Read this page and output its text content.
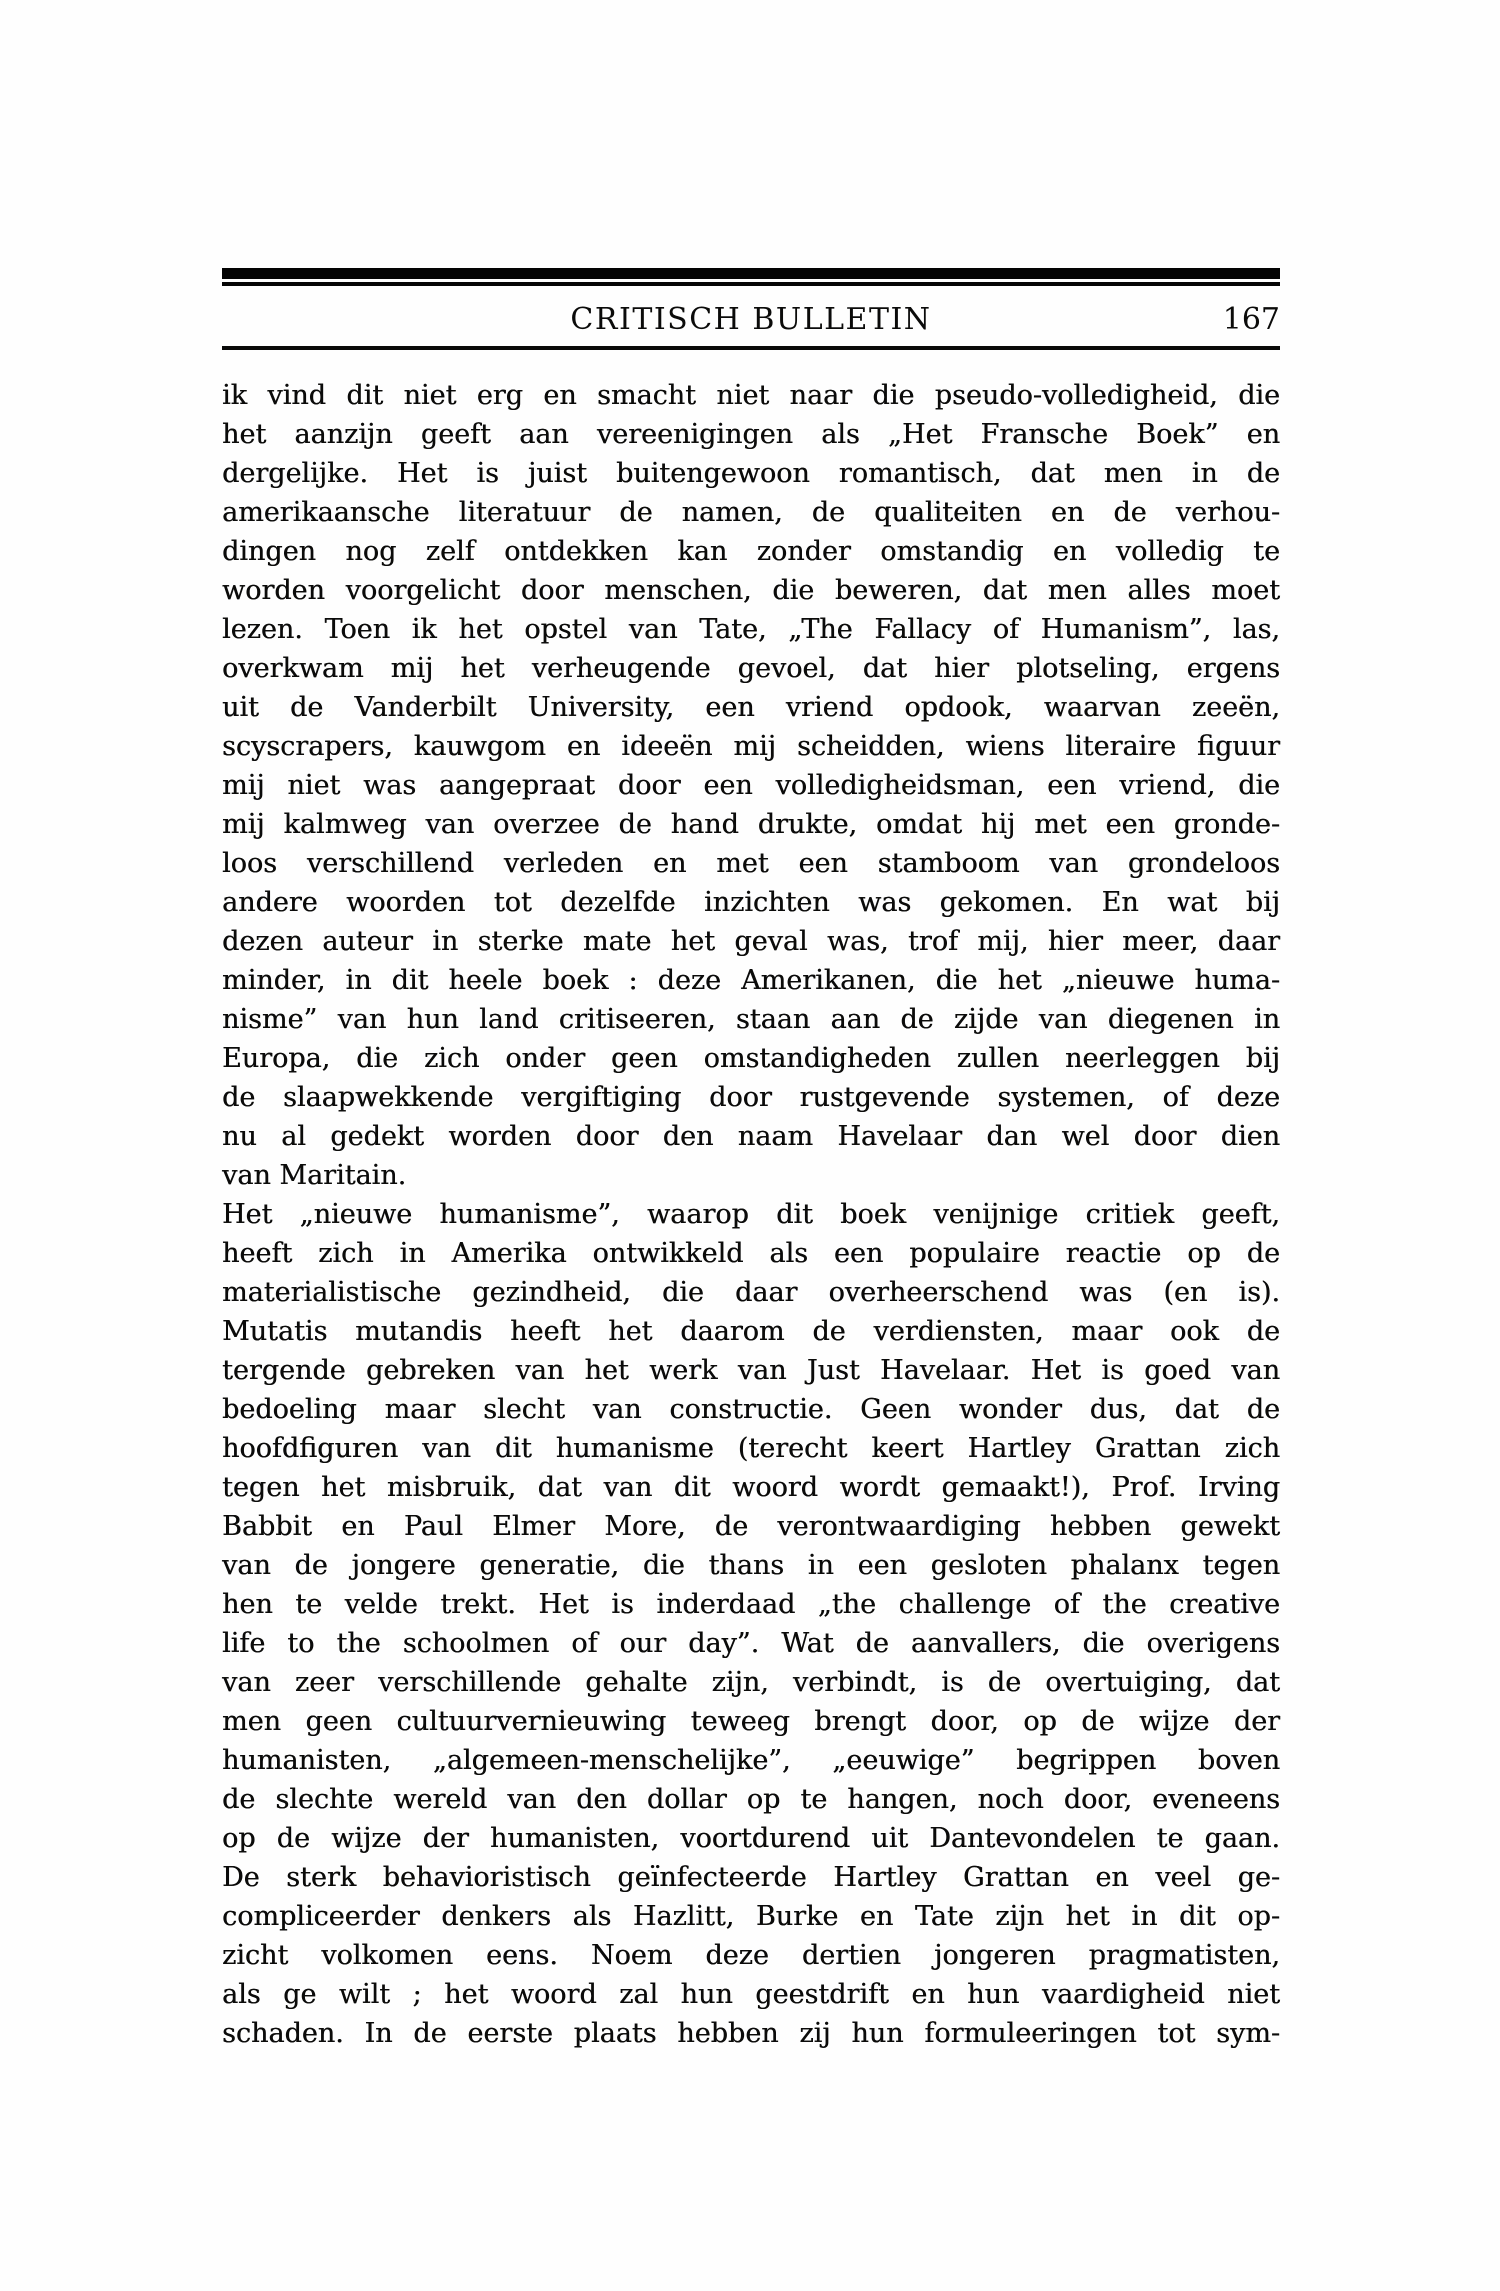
CRITISCH BULLETIN	167
ik vind dit niet erg en smacht niet naar die pseudo-volledigheid, die
het aanzijn geeft aan vereenigingen als „Het Fransche Boek” en
dergelijke. Het is juist buitengewoon romantisch, dat men in de
amerikaansche literatuur de namen, de qualiteiten en de verhou-
dingen nog zelf ontdekken kan zonder omstandig en volledig te
worden voorgelicht door menschen, die beweren, dat men alles moet
lezen. Toen ik het opstel van Tate, „The Fallacy of Humanism”, las,
overkwam mij het verheugende gevoel, dat hier plotseling, ergens
uit de Vanderbilt University, een vriend opdook, waarvan zeeën,
scyscrapers, kauwgom en ideeën mij scheidden, wiens literaire figuur
mij niet was aangepraat door een volledigheidsman, een vriend, die
mij kalmweg van overzee de hand drukte, omdat hij met een gronde-
loos verschillend verleden en met een stamboom van grondeloos
andere woorden tot dezelfde inzichten was gekomen. En wat bij
dezen auteur in sterke mate het geval was, trof mij, hier meer, daar
minder, in dit heele boek : deze Amerikanen, die het „nieuwe huma-
nisme” van hun land critiseeren, staan aan de zijde van diegenen in
Europa, die zich onder geen omstandigheden zullen neerleggen bij
de slaapwekkende vergiftiging door rustgevende systemen, of deze
nu al gedekt worden door den naam Havelaar dan wel door dien
van Maritain.
Het „nieuwe humanisme”, waarop dit boek venijnige critiek geeft,
heeft zich in Amerika ontwikkeld als een populaire reactie op de
materialistische gezindheid, die daar overheerschend was (en is).
Mutatis mutandis heeft het daarom de verdiensten, maar ook de
tergende gebreken van het werk van Just Havelaar. Het is goed van
bedoeling maar slecht van constructie. Geen wonder dus, dat de
hoofdfiguren van dit humanisme (terecht keert Hartley Grattan zich
tegen het misbruik, dat van dit woord wordt gemaakt!), Prof. Irving
Babbit en Paul Elmer More, de verontwaardiging hebben gewekt
van de jongere generatie, die thans in een gesloten phalanx tegen
hen te velde trekt. Het is inderdaad „the challenge of the creative
life to the schoolmen of our day”. Wat de aanvallers, die overigens
van zeer verschillende gehalte zijn, verbindt, is de overtuiging, dat
men geen cultuurvernieuwing teweeg brengt door, op de wijze der
humanisten, „algemeen-menschelijke”, „eeuwige” begrippen boven
de slechte wereld van den dollar op te hangen, noch door, eveneens
op de wijze der humanisten, voortdurend uit Dantevondelen te gaan.
De sterk behavioristisch geïnfecteerde Hartley Grattan en veel ge-
compliceerder denkers als Hazlitt, Burke en Tate zijn het in dit op-
zicht volkomen eens. Noem deze dertien jongeren pragmatisten,
als ge wilt ; het woord zal hun geestdrift en hun vaardigheid niet
schaden. In de eerste plaats hebben zij hun formuleeringen tot sym-
